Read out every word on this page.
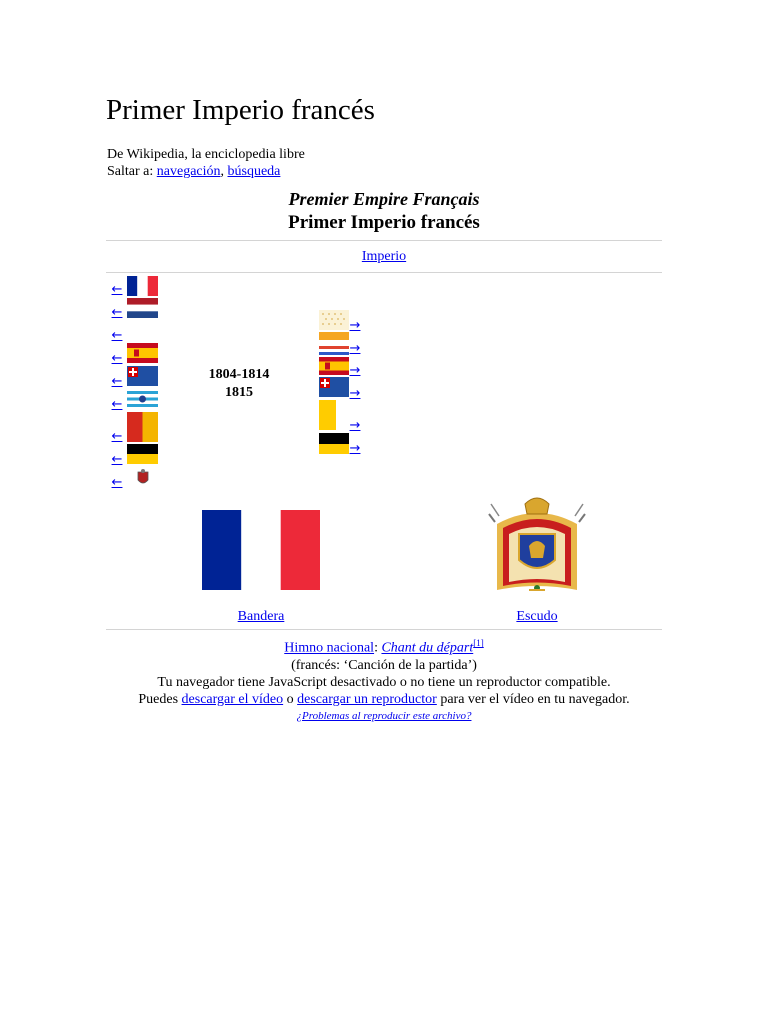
Primer Imperio francés
De Wikipedia, la enciclopedia libre
Saltar a: navegación, búsqueda
Premier Empire Français
Primer Imperio francés
Imperio
←
←
←
←
←
←
←
←
←
1804-1814
1815
→
→
→
→
→
→
Bandera	Escudo
Himno nacional: Chant du départ[1]
(francés: ‘Canción de la partida’)
Tu navegador tiene JavaScript desactivado o no tiene un reproductor compatible.
Puedes descargar el vídeo o descargar un reproductor para ver el vídeo en tu navegador.
¿Problemas al reproducir este archivo?
